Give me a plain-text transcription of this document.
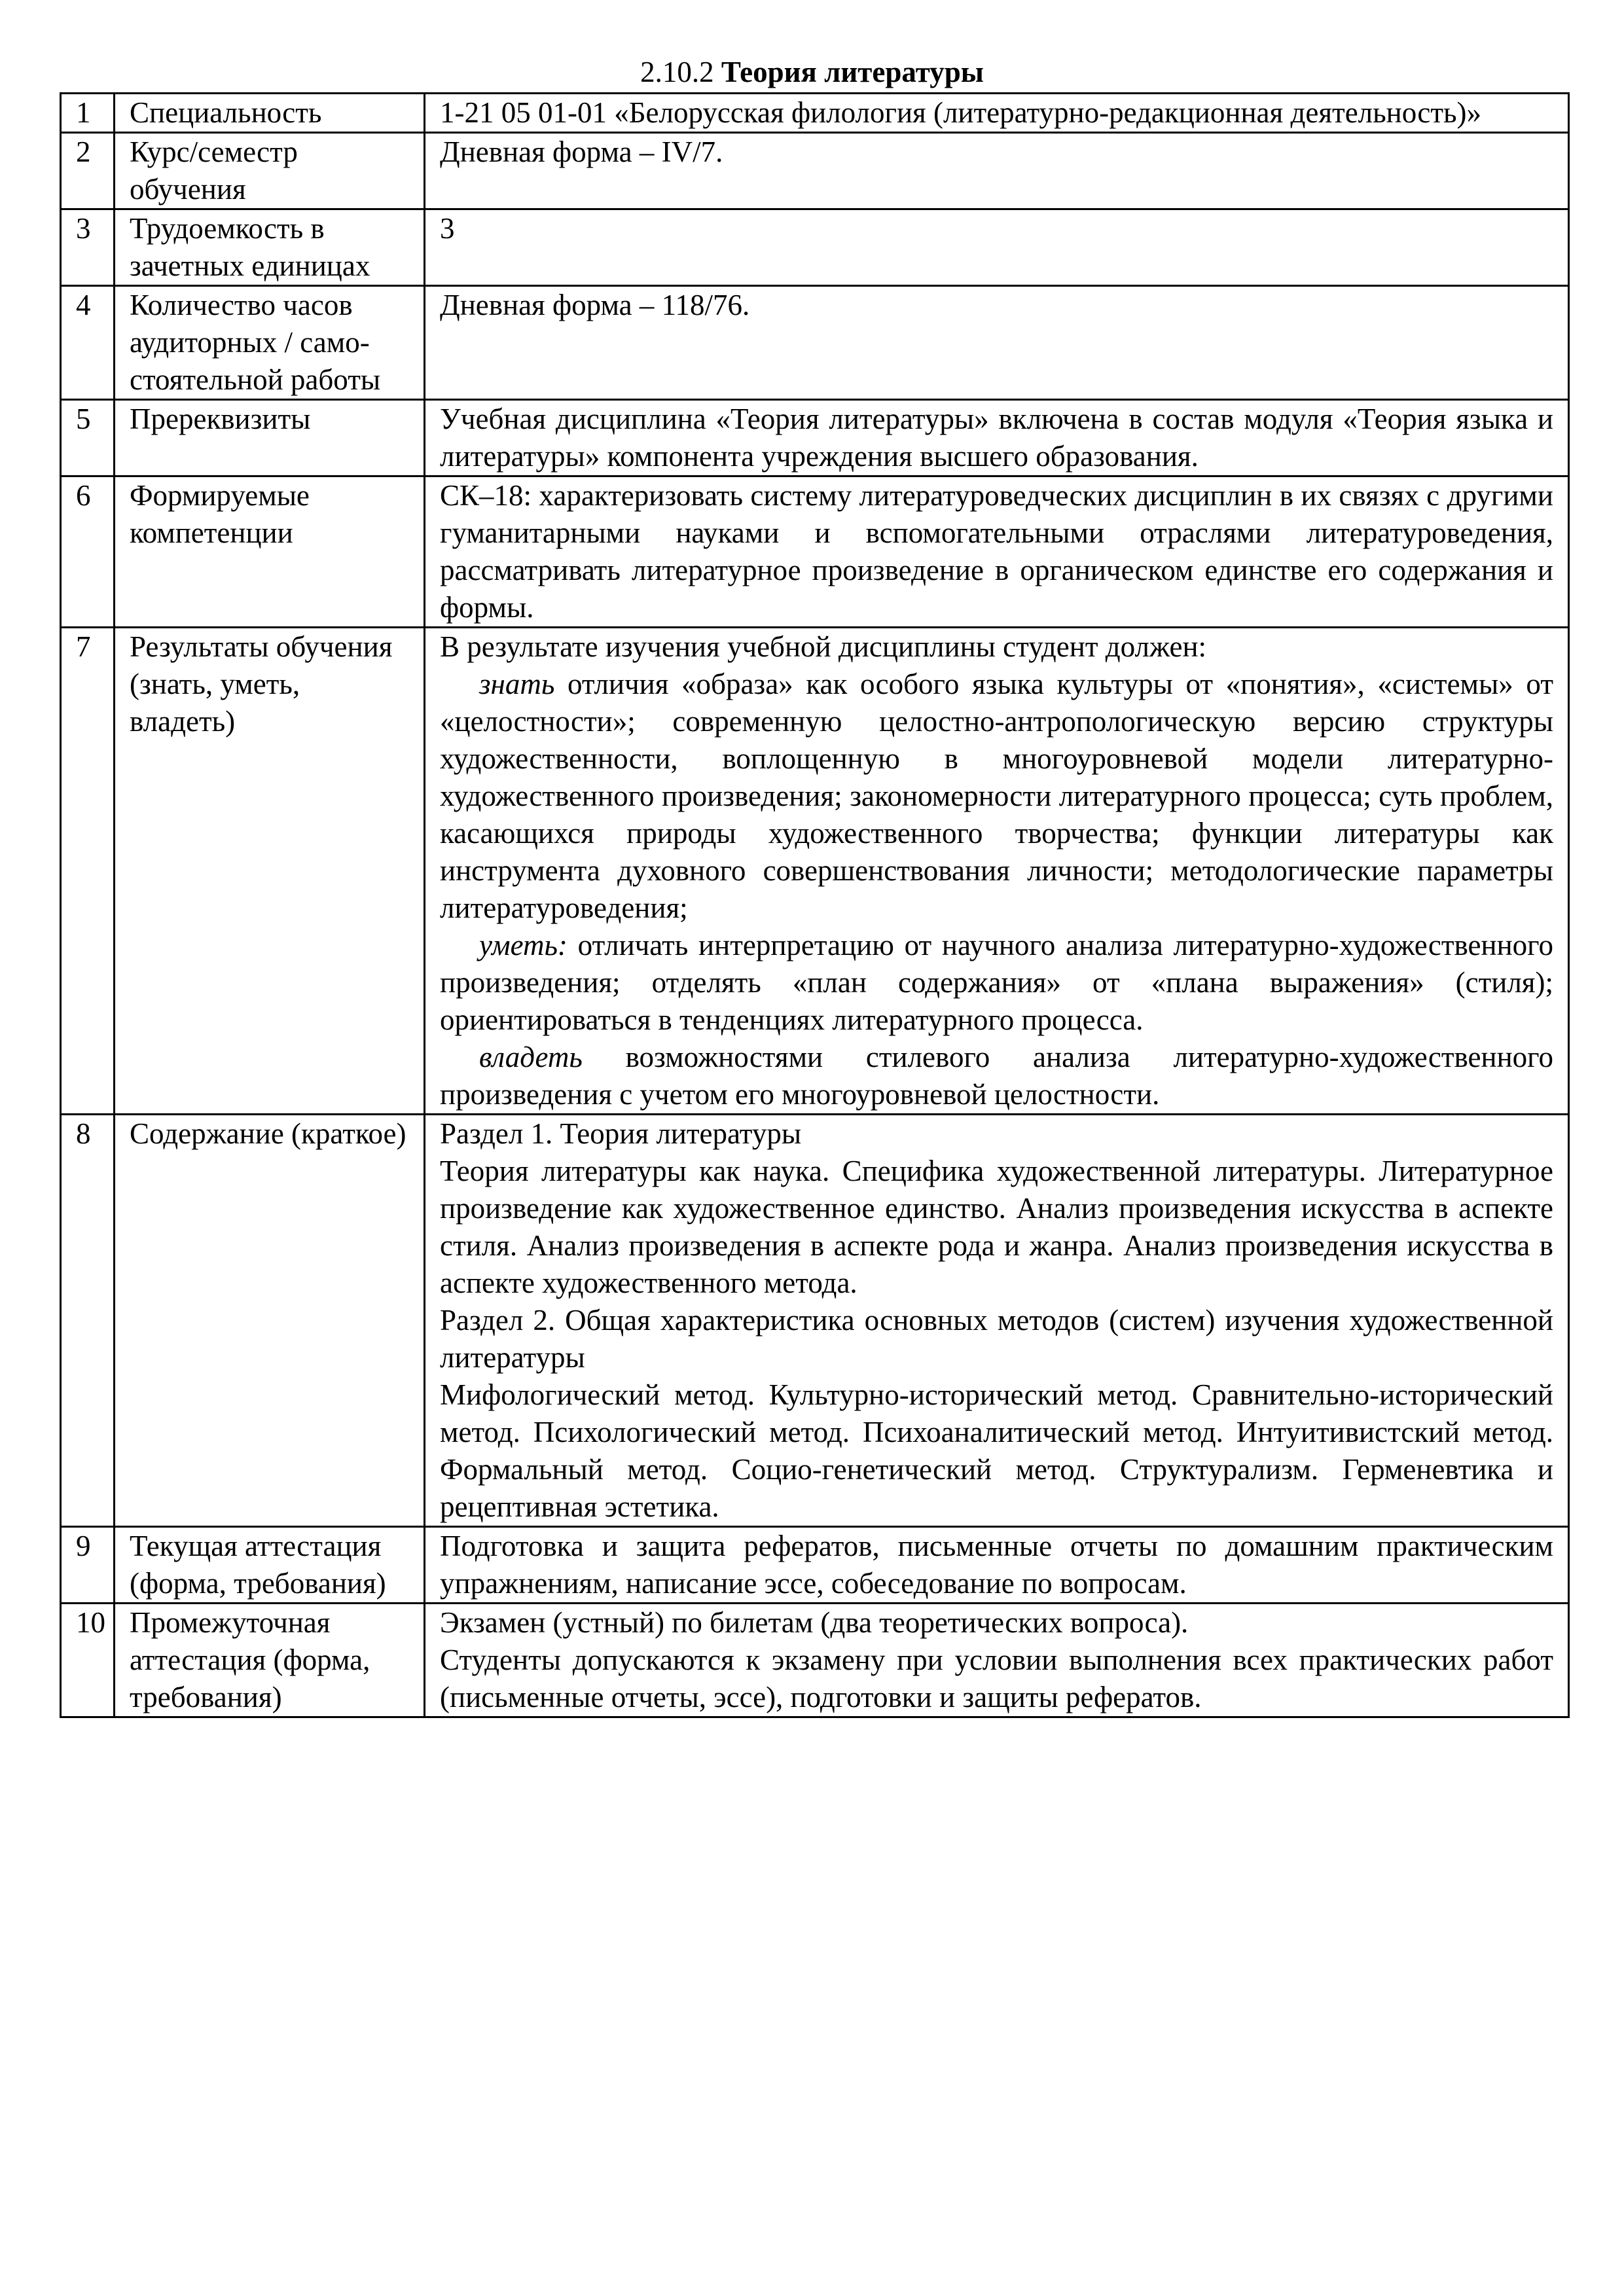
2.10.2 Теория литературы
1	Специальность	1-21 05 01-01 «Белорусская филология (литературно-редакционная деятельность)»
2	Курс/семестр обучения	Дневная форма – IV/7.
3	Трудоемкость в зачетных единицах	3
4	Количество часов аудиторных / само-стоятельной работы	Дневная форма – 118/76.
5	Пререквизиты	Учебная дисциплина «Теория литературы» включена в состав модуля «Теория языка и литературы» компонента учреждения высшего образования.
6	Формируемые компетенции	СК–18: характеризовать систему литературоведческих дисциплин в их связях с другими гуманитарными науками и вспомогательными отраслями литературоведения, рассматривать литературное произведение в органическом единстве его содержания и формы.
7	Результаты обучения (знать, уметь, владеть)	В результате изучения учебной дисциплины студент должен:
знать отличия «образа» как особого языка культуры от «понятия», «системы» от «целостности»; современную целостно-антропологическую версию структуры художественности, воплощенную в многоуровневой модели литературно-художественного произведения; закономерности литературного процесса; суть проблем, касающихся природы художественного творчества; функции литературы как инструмента духовного совершенствования личности; методологические параметры литературоведения;
уметь: отличать интерпретацию от научного анализа литературно-художественного произведения; отделять «план содержания» от «плана выражения» (стиля); ориентироваться в тенденциях литературного процесса.
владеть возможностями стилевого анализа литературно-художественного произведения с учетом его многоуровневой целостности.

8	Содержание (краткое)	Раздел 1. Теория литературы
Теория литературы как наука. Специфика художественной литературы. Литературное произведение как художественное единство. Анализ произведения искусства в аспекте стиля. Анализ произведения в аспекте рода и жанра. Анализ произведения искусства в аспекте художественного метода.
Раздел 2. Общая характеристика основных методов (систем) изучения художественной литературы
Мифологический метод. Культурно-исторический метод. Сравнительно-исторический метод. Психологический метод. Психоаналитический метод. Интуитивистский метод. Формальный метод. Социо-генетический метод. Структурализм. Герменевтика и рецептивная эстетика.

9	Текущая аттестация (форма, требования)	Подготовка и защита рефератов, письменные отчеты по домашним практическим упражнениям, написание эссе, собеседование по вопросам.
10	Промежуточная аттестация (форма, требования)	Экзамен (устный) по билетам (два теоретических вопроса).
Студенты допускаются к экзамену при условии выполнения всех практических работ (письменные отчеты, эссе), подготовки и защиты рефератов.
